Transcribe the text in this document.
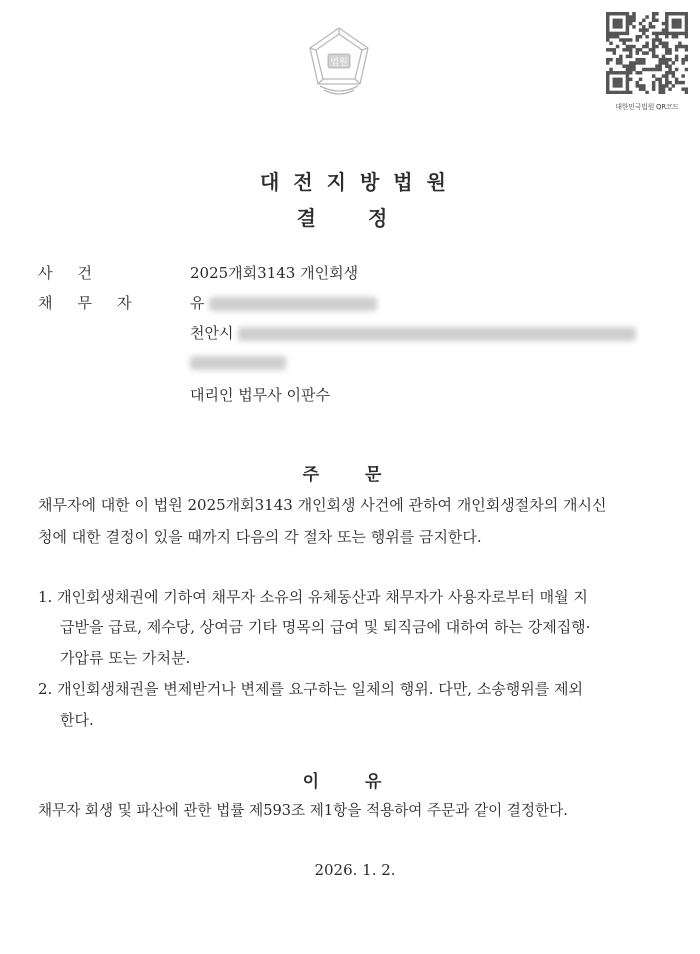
법원
대한민국법원 QR코드
대전지방법원
결정
사건	2025개회3143 개인회생
채무자 유
천안시
대리인 법무사 이판수
주문
채무자에 대한 이 법원 2025개회3143 개인회생 사건에 관하여 개인회생절차의 개시신
청에 대한 결정이 있을 때까지 다음의 각 절차 또는 행위를 금지한다.
1. 개인회생채권에 기하여 채무자 소유의 유체동산과 채무자가 사용자로부터 매월 지
급받을 급료, 제수당, 상여금 기타 명목의 급여 및 퇴직금에 대하여 하는 강제집행·
가압류 또는 가처분.
2. 개인회생채권을 변제받거나 변제를 요구하는 일체의 행위. 다만, 소송행위를 제외
한다.
이유
채무자 회생 및 파산에 관한 법률 제593조 제1항을 적용하여 주문과 같이 결정한다.
2026. 1. 2.
